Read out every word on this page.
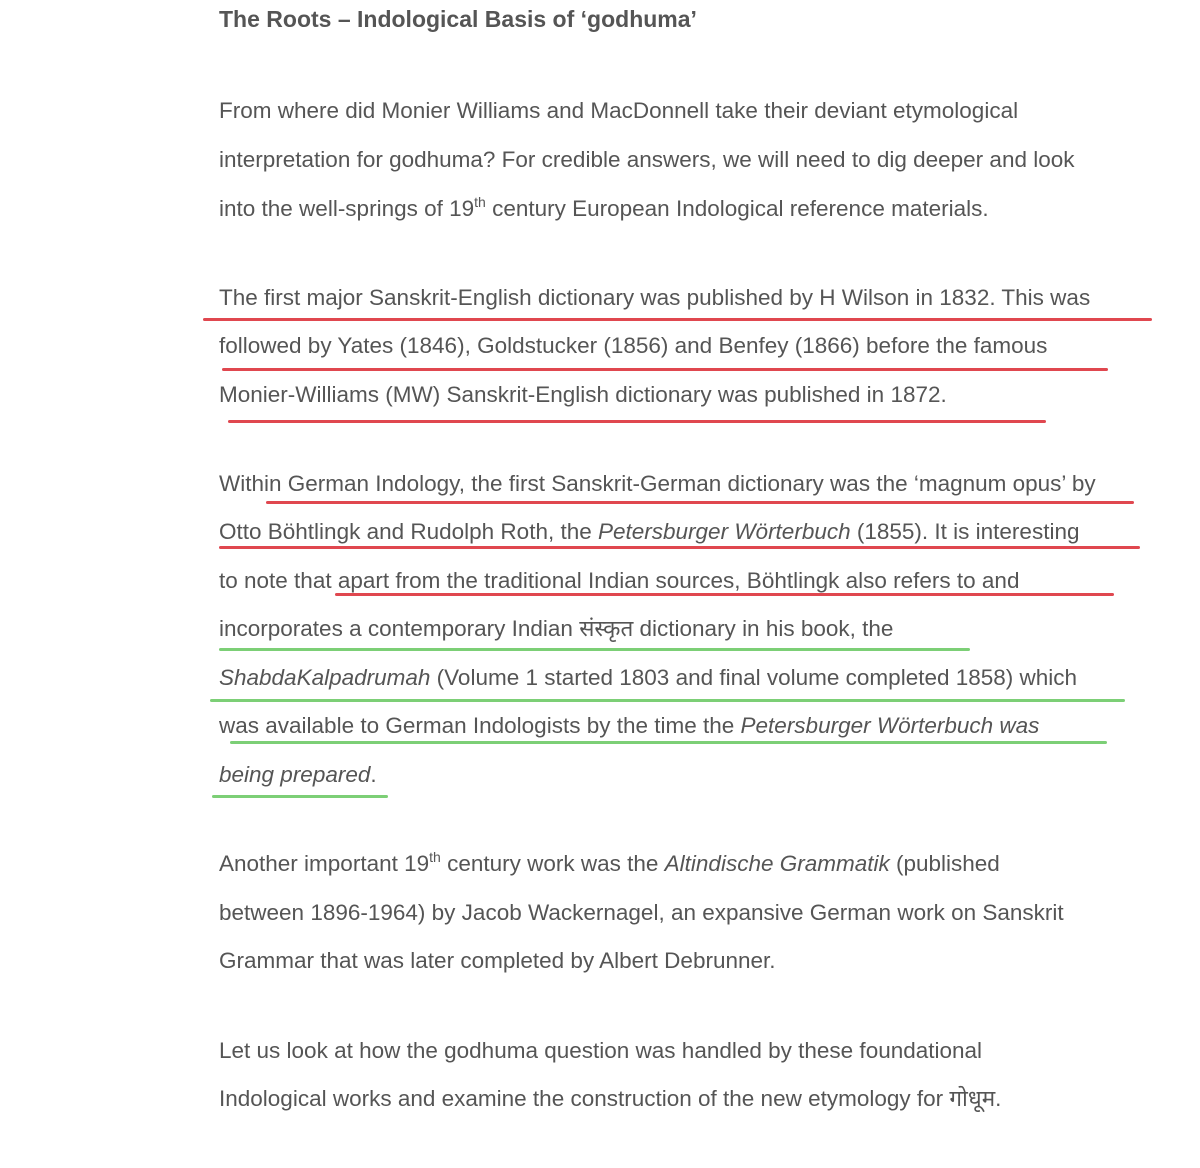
The Roots – Indological Basis of ‘godhuma’
From where did Monier Williams and MacDonnell take their deviant etymological
interpretation for godhuma? For credible answers, we will need to dig deeper and look
into the well-springs of 19th century European Indological reference materials.
The first major Sanskrit-English dictionary was published by H Wilson in 1832. This was
followed by Yates (1846), Goldstucker (1856) and Benfey (1866) before the famous
Monier-Williams (MW) Sanskrit-English dictionary was published in 1872.
Within German Indology, the first Sanskrit-German dictionary was the ‘magnum opus’ by
Otto Böhtlingk and Rudolph Roth, the Petersburger Wörterbuch (1855). It is interesting
to note that apart from the traditional Indian sources, Böhtlingk also refers to and
incorporates a contemporary Indian संस्कृत dictionary in his book, the
ShabdaKalpadrumah (Volume 1 started 1803 and final volume completed 1858) which
was available to German Indologists by the time the Petersburger Wörterbuch was
being prepared.
Another important 19th century work was the Altindische Grammatik (published
between 1896-1964) by Jacob Wackernagel, an expansive German work on Sanskrit
Grammar that was later completed by Albert Debrunner.
Let us look at how the godhuma question was handled by these foundational
Indological works and examine the construction of the new etymology for गोधूम.
